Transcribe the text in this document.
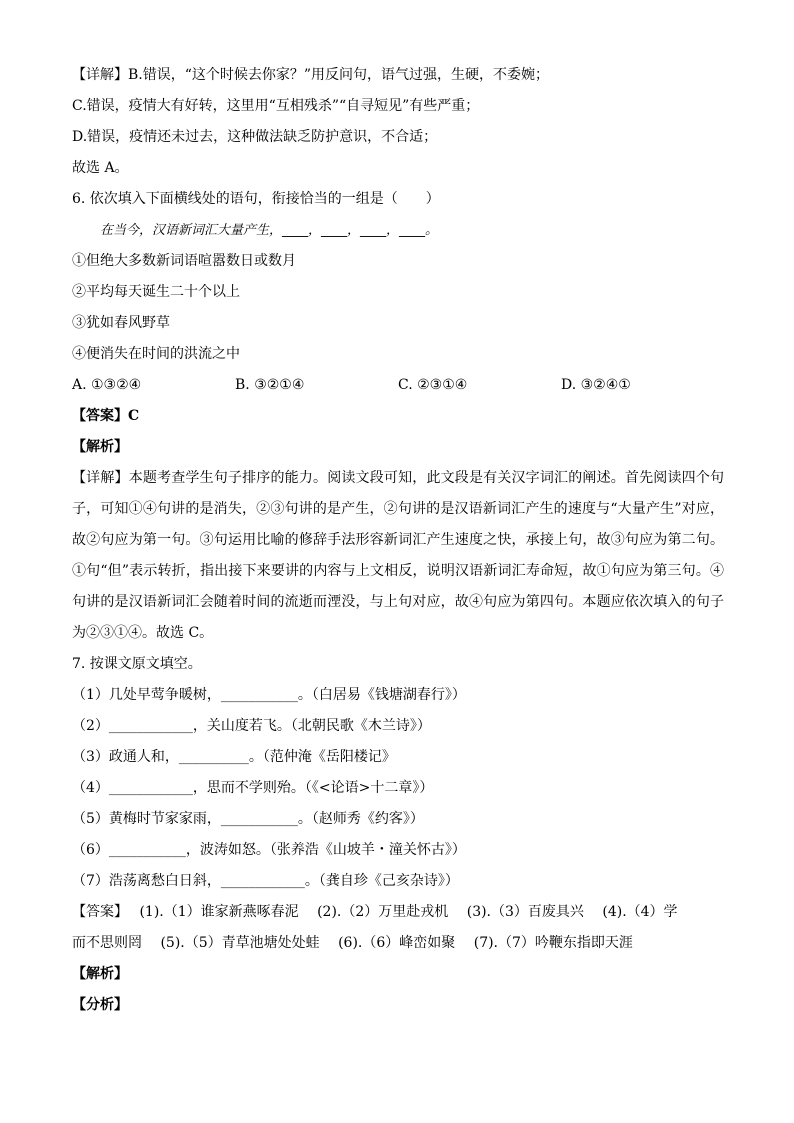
【详解】B.错误，“这个时候去你家？”用反问句，语气过强，生硬，不委婉；
C.错误，疫情大有好转，这里用“互相残杀”“自寻短见”有些严重；
D.错误，疫情还未过去，这种做法缺乏防护意识，不合适；
故选 A。
6. 依次填入下面横线处的语句，衔接恰当的一组是（　　）
在当今，汉语新词汇大量产生，____，____，____，____。
①但绝大多数新词语喧嚣数日或数月
②平均每天诞生二十个以上
③犹如春风野草
④便消失在时间的洪流之中
A. ①③②④	B. ③②①④	C. ②③①④	D. ③②④①
【答案】C
【解析】
【详解】本题考查学生句子排序的能力。阅读文段可知，此文段是有关汉字词汇的阐述。首先阅读四个句子，可知①④句讲的是消失，②③句讲的是产生，②句讲的是汉语新词汇产生的速度与“大量产生”对应，故②句应为第一句。③句运用比喻的修辞手法形容新词汇产生速度之快，承接上句，故③句应为第二句。①句“但”表示转折，指出接下来要讲的内容与上文相反，说明汉语新词汇寿命短，故①句应为第三句。④句讲的是汉语新词汇会随着时间的流逝而湮没，与上句对应，故④句应为第四句。本题应依次填入的句子为②③①④。故选 C。
7. 按课文原文填空。
（1）几处早莺争暖树，___________。（白居易《钱塘湖春行》）
（2）____________，关山度若飞。（北朝民歌《木兰诗》）
（3）政通人和，__________。（范仲淹《岳阳楼记》
（4）____________，思而不学则殆。（《<论语>十二章》）
（5）黄梅时节家家雨，___________。（赵师秀《约客》）
（6）___________，波涛如怒。（张养浩《山坡羊・潼关怀古》）
（7）浩荡离愁白日斜，____________。（龚自珍《己亥杂诗》）
【答案】　 (1).（1）谁家新燕啄春泥　 (2).（2）万里赴戎机　 (3).（3）百废具兴　 (4).（4）学
而不思则罔　 (5).（5）青草池塘处处蛙　 (6).（6）峰峦如聚　 (7).（7）吟鞭东指即天涯
【解析】
【分析】
